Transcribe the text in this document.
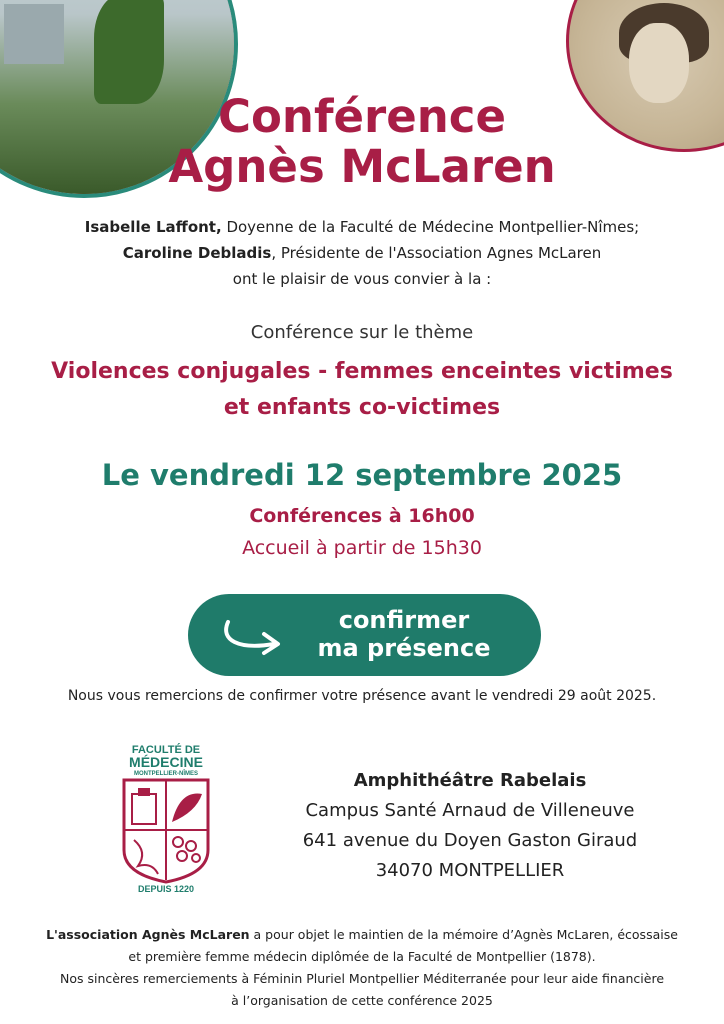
Conférence
Agnès McLaren
Isabelle Laffont, Doyenne de la Faculté de Médecine Montpellier-Nîmes;
Caroline Debladis, Présidente de l'Association Agnes McLaren
ont le plaisir de vous convier à la :
Conférence sur le thème
Violences conjugales - femmes enceintes victimes
et enfants co-victimes
Le vendredi 12 septembre 2025
Conférences à 16h00
Accueil à partir de 15h30
confirmer
ma présence
Nous vous remercions de confirmer votre présence avant le vendredi 29 août 2025.
FACULTÉ DE
MÉDECINE
MONTPELLIER-NÎMES
DEPUIS 1220
Amphithéâtre Rabelais
Campus Santé Arnaud de Villeneuve
641 avenue du Doyen Gaston Giraud
34070 MONTPELLIER
L'association Agnès McLaren a pour objet le maintien de la mémoire d’Agnès McLaren, écossaise
et première femme médecin diplômée de la Faculté de Montpellier (1878).
Nos sincères remerciements à Féminin Pluriel Montpellier Méditerranée pour leur aide financière
à l’organisation de cette conférence 2025
